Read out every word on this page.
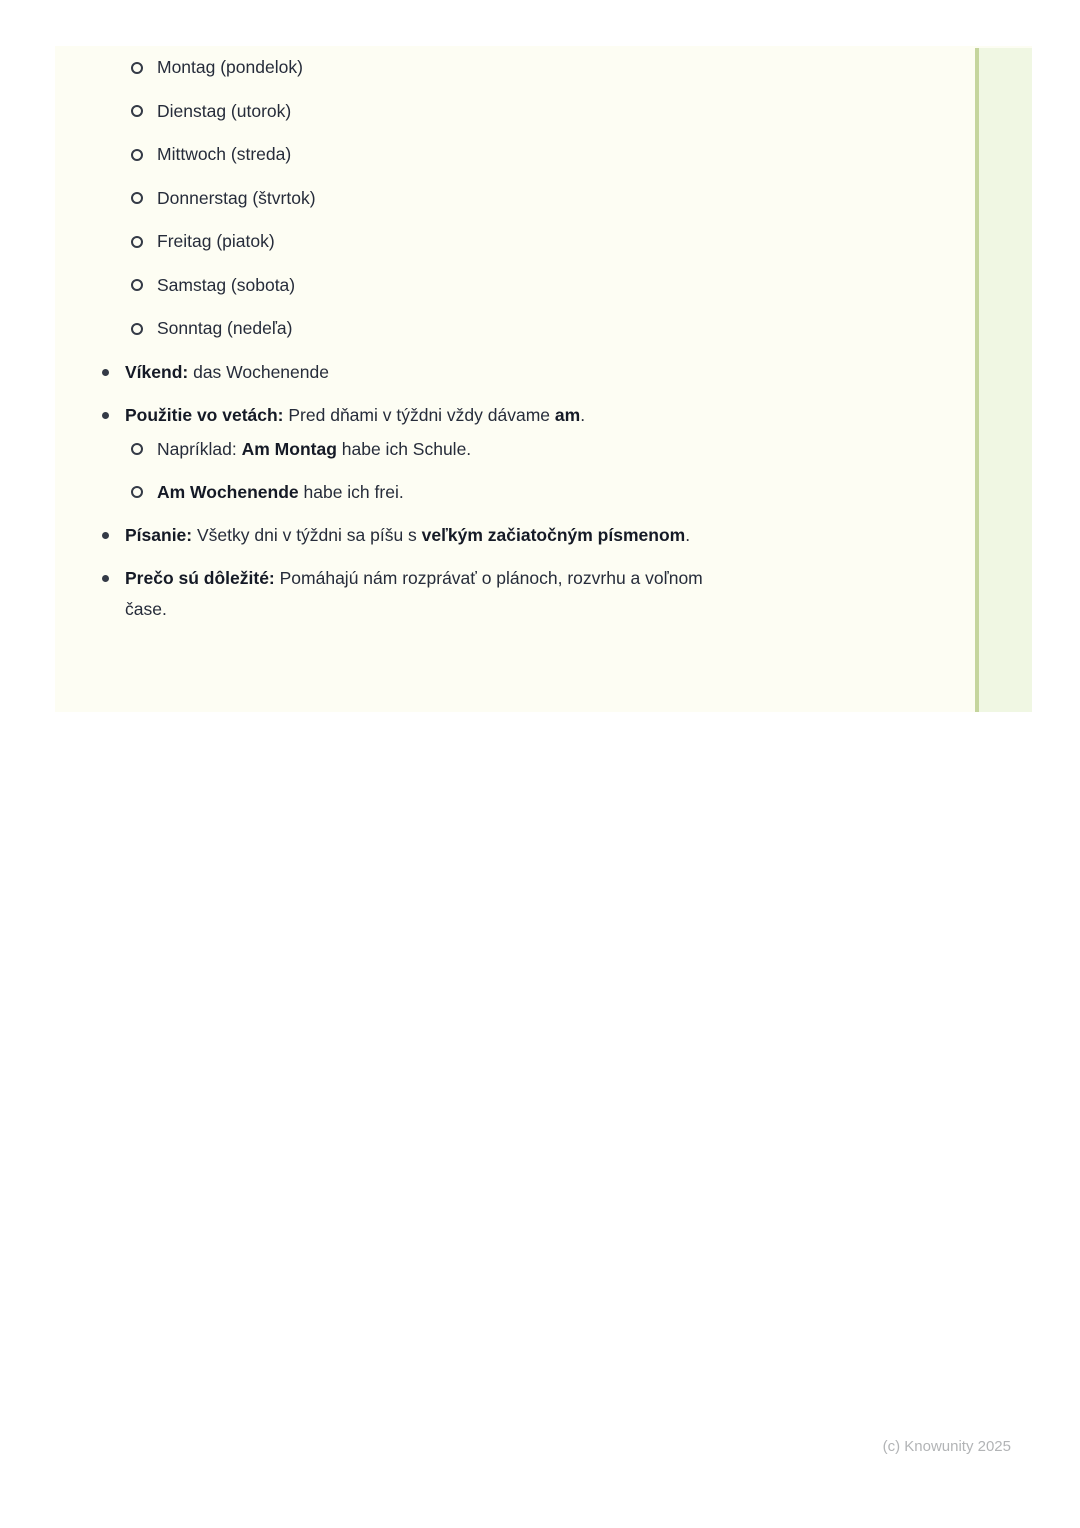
Montag (pondelok)
Dienstag (utorok)
Mittwoch (streda)
Donnerstag (štvrtok)
Freitag (piatok)
Samstag (sobota)
Sonntag (nedeľa)
Víkend: das Wochenende
Použitie vo vetách: Pred dňami v týždni vždy dávame am.
Napríklad: Am Montag habe ich Schule.
Am Wochenende habe ich frei.
Písanie: Všetky dni v týždni sa píšu s veľkým začiatočným písmenom.
Prečo sú dôležité: Pomáhajú nám rozprávať o plánoch, rozvrhu a voľnom
čase.
(c) Knowunity 2025
